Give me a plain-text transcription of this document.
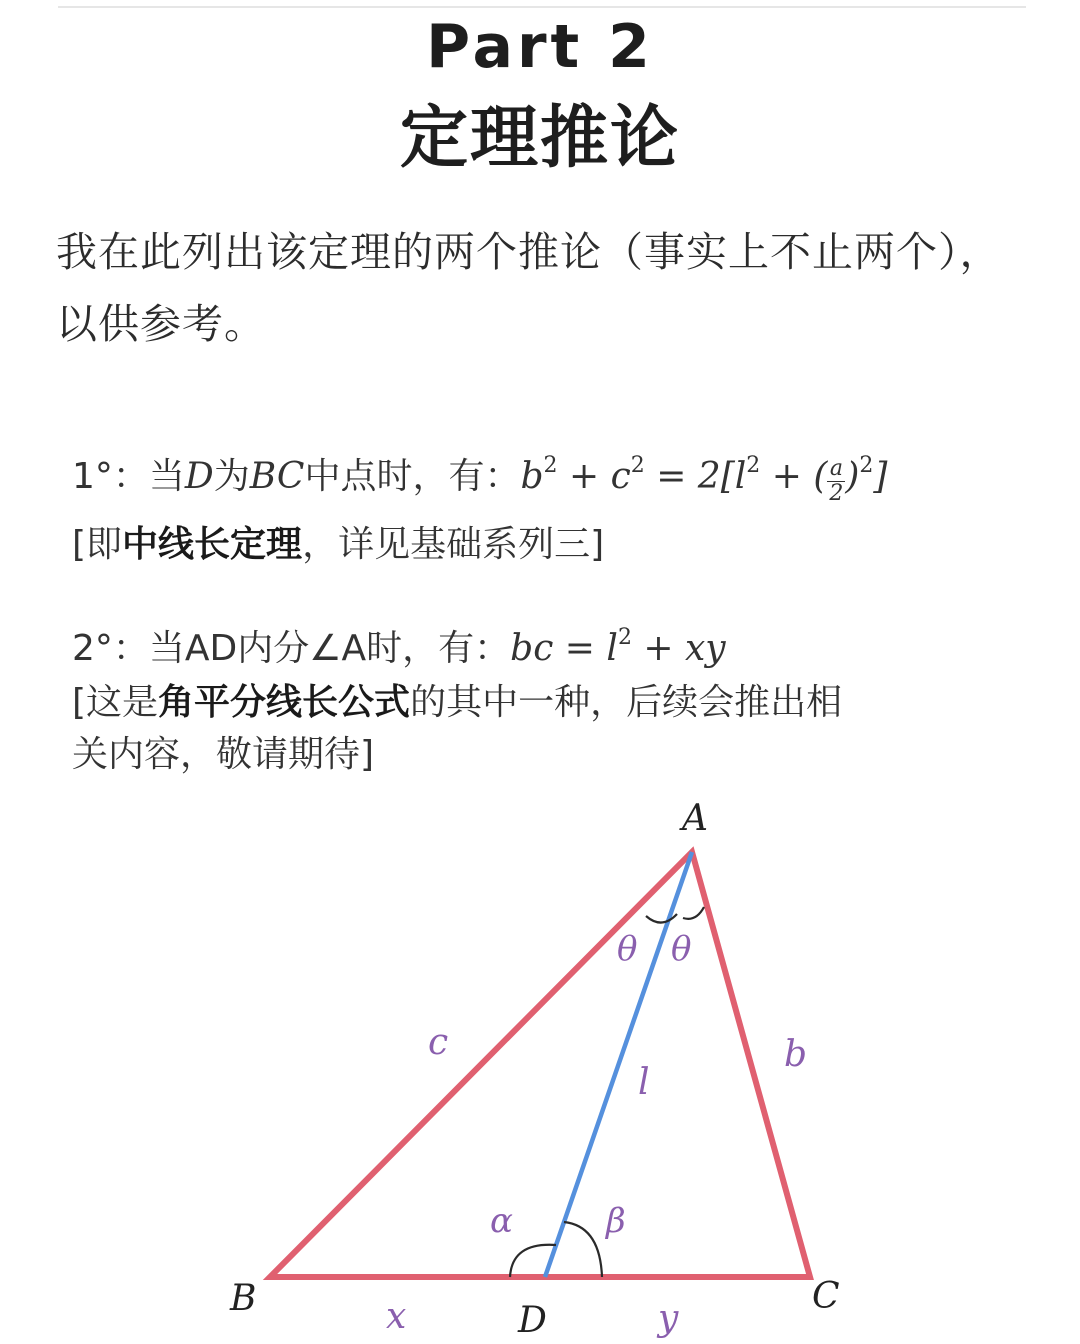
Part 2
定理推论
我在此列出该定理的两个推论（事实上不止两个），以供参考。
1°：当D为BC中点时，有：$b^2 + c^2 = 2[l^2$ + ( $\frac{a}{2} )^2$]
[即中线长定理，详见基础系列三]
2°：当AD内分∠A时，有：bc = $l^2$ + xy
[这是角平分线长公式的其中一种，后续会推出相
关内容，敬请期待]
A
B	C
D
c	b
l
x	y
θ θ
α	β
